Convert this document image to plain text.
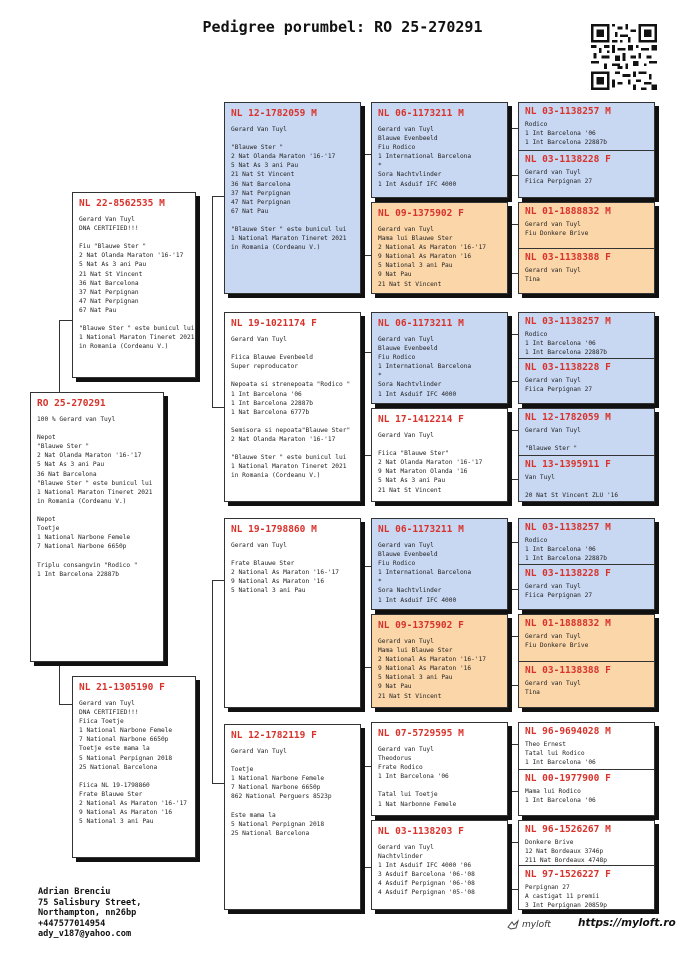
Pedigree porumbel: RO 25-270291
RO 25-270291
100 % Gerard van Tuyl
Nepot
"Blauwe Ster "
2 Nat Olanda Maraton '16-'17
5 Nat As 3 ani Pau
36 Nat Barcelona
"Blauwe Ster " este bunicul lui
1 National Maraton Tineret 2021
in Romania (Cordeanu V.)
Nepot
Toetje
1 National Narbone Femele
7 National Narbone 6650p
Triplu consangvin "Rodico "
1 Int Barcelona 22887b
NL 22-8562535 M
Gerard Van Tuyl
DNA CERTIFIED!!!
Fiu "Blauwe Ster "
2 Nat Olanda Maraton '16-'17
5 Nat As 3 ani Pau
21 Nat St Vincent
36 Nat Barcelona
37 Nat Perpignan
47 Nat Perpignan
67 Nat Pau
"Blauwe Ster " este bunicul lui
1 National Maraton Tineret 2021
in Romania (Cordeanu V.)
NL 21-1305190 F
Gerard van Tuyl
DNA CERTIFIED!!!
Fiica Toetje
1 National Narbone Femele
7 National Narbone 6650p
Toetje este mama la
5 National Perpignan 2018
25 National Barcelona
Fiica NL 19-1798860
Frate Blauwe Ster
2 National As Maraton '16-'17
9 National As Maraton '16
5 National 3 ani Pau
NL 12-1782059 M
Gerard Van Tuyl
"Blauwe Ster "
2 Nat Olanda Maraton '16-'17
5 Nat As 3 ani Pau
21 Nat St Vincent
36 Nat Barcelona
37 Nat Perpignan
47 Nat Perpignan
67 Nat Pau
"Blauwe Ster " este bunicul lui
1 National Maraton Tineret 2021
in Romania (Cordeanu V.)
NL 19-1021174 F
Gerard Van Tuyl
Fiica Blauwe Evenbeeld
Super reproducator
Nepoata si strenepoata "Rodico "
1 Int Barcelona '06
1 Int Barcelona 22887b
1 Nat Barcelona 6777b
Semisora si nepoata"Blauwe Ster"
2 Nat Olanda Maraton '16-'17
"Blauwe Ster " este bunicul lui
1 National Maraton Tineret 2021
in Romania (Cordeanu V.)
NL 19-1798860 M
Gerard van Tuyl
Frate Blauwe Ster
2 National As Maraton '16-'17
9 National As Maraton '16
5 National 3 ani Pau
NL 12-1782119 F
Gerard Van Tuyl
Toetje
1 National Narbone Femele
7 National Narbone 6650p
862 National Perguers 8523p
Este mama la
5 National Perpignan 2018
25 National Barcelona
NL 06-1173211 M
Gerard van Tuyl
Blauwe Evenbeeld
Fiu Rodico
1 International Barcelona
*
Sora Nachtvlinder
1 Int Asduif IFC 4000
NL 09-1375902 F
Gerard van Tuyl
Mama lui Blauwe Ster
2 National As Maraton '16-'17
9 National As Maraton '16
5 National 3 ani Pau
9 Nat Pau
21 Nat St Vincent
NL 06-1173211 M
Gerard van Tuyl
Blauwe Evenbeeld
Fiu Rodico
1 International Barcelona
*
Sora Nachtvlinder
1 Int Asduif IFC 4000
NL 17-1412214 F
Gerard Van Tuyl
Fiica "Blauwe Ster"
2 Nat Olanda Maraton '16-'17
9 Nat Maraton Olanda '16
5 Nat As 3 ani Pau
21 Nat St Vincent
NL 06-1173211 M
Gerard van Tuyl
Blauwe Evenbeeld
Fiu Rodico
1 International Barcelona
*
Sora Nachtvlinder
1 Int Asduif IFC 4000
NL 09-1375902 F
Gerard van Tuyl
Mama lui Blauwe Ster
2 National As Maraton '16-'17
9 National As Maraton '16
5 National 3 ani Pau
9 Nat Pau
21 Nat St Vincent
NL 07-5729595 M
Gerard van Tuyl
Theodorus
Frate Rodico
1 Int Barcelona '06
Tatal lui Toetje
1 Nat Narbonne Femele
NL 03-1138203 F
Gerard van Tuyl
Nachtvlinder
1 Int Asduif IFC 4000 '06
3 Asduif Barcelona '06-'08
4 Asduif Perpignan '06-'08
4 Asduif Perpignan '05-'08
NL 03-1138257 M
Rodico
1 Int Barcelona '06
1 Int Barcelona 22887b
NL 03-1138228 F
Gerard van Tuyl
Fiica Perpignan 27
NL 01-1888832 M
Gerard van Tuyl
Fiu Donkere Brive
NL 03-1138388 F
Gerard van Tuyl
Tina
NL 03-1138257 M
Rodico
1 Int Barcelona '06
1 Int Barcelona 22887b
NL 03-1138228 F
Gerard van Tuyl
Fiica Perpignan 27
NL 12-1782059 M
Gerard Van Tuyl
"Blauwe Ster "
NL 13-1395911 F
Van Tuyl
20 Nat St Vincent ZLU '16
NL 03-1138257 M
Rodico
1 Int Barcelona '06
1 Int Barcelona 22887b
NL 03-1138228 F
Gerard van Tuyl
Fiica Perpignan 27
NL 01-1888832 M
Gerard van Tuyl
Fiu Donkere Brive
NL 03-1138388 F
Gerard van Tuyl
Tina
NL 96-9694028 M
Theo Ernest
Tatal lui Rodico
1 Int Barcelona '06
NL 00-1977900 F
Mama lui Rodico
1 Int Barcelona '06
NL 96-1526267 M
Donkere Brive
12 Nat Bordeaux 3746p
211 Nat Bordeaux 4748p
NL 97-1526227 F
Perpignan 27
A castigat 11 premii
3 Int Perpignan 20859p
Adrian Brenciu
75 Salisbury Street,
Northampton, nn26bp
+447577014954
ady_v187@yahoo.com
myloft	https://myloft.ro
